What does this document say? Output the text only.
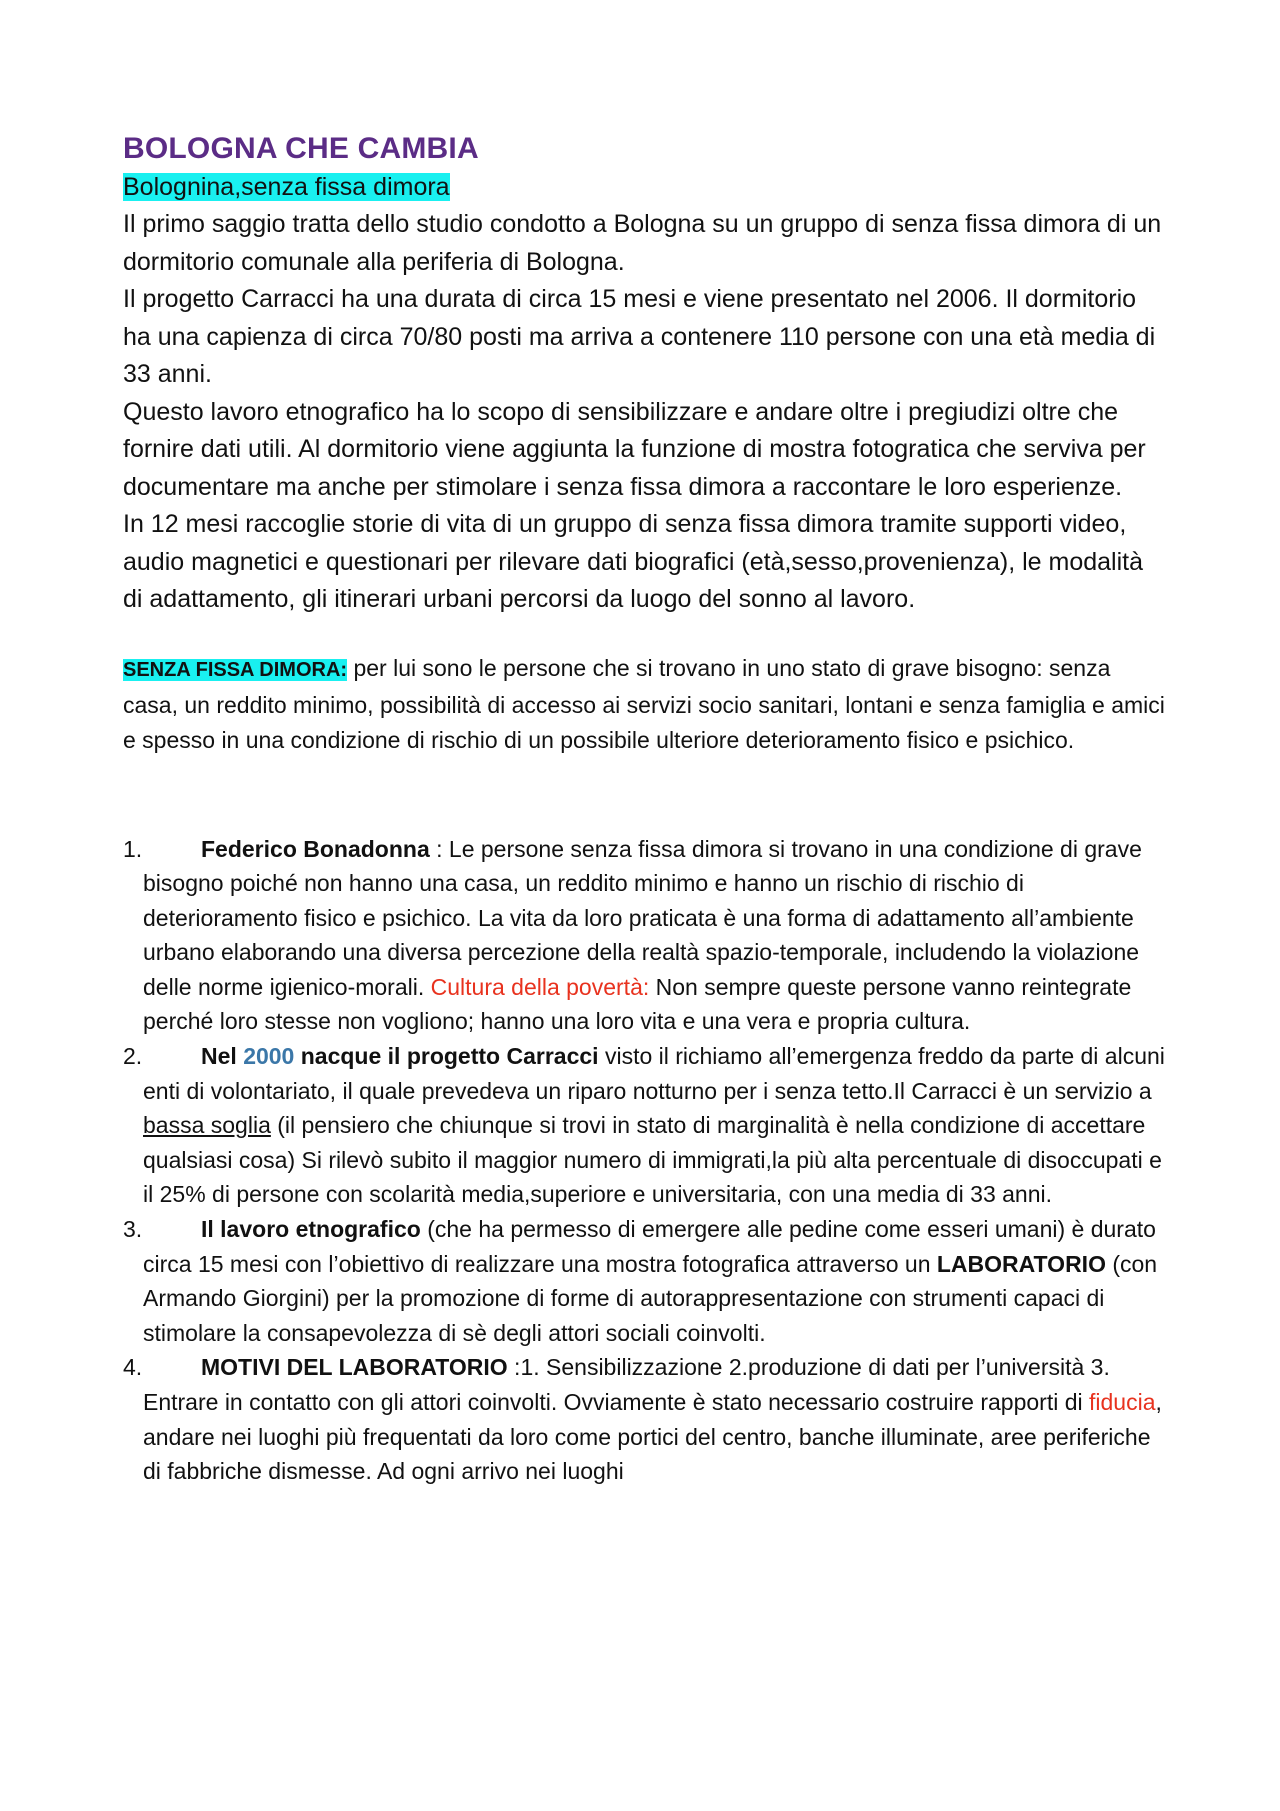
BOLOGNA CHE CAMBIA

Bolognina,senza fissa dimora

Il primo saggio tratta dello studio condotto a Bologna su un gruppo di senza fissa dimora di un dormitorio comunale alla periferia di Bologna.

Il progetto Carracci ha una durata di circa 15 mesi e viene presentato nel 2006. Il dormitorio ha una capienza di circa 70/80 posti ma arriva a contenere 110 persone con una età media di 33 anni.

Questo lavoro etnografico ha lo scopo di sensibilizzare e andare oltre i pregiudizi oltre che fornire dati utili. Al dormitorio viene aggiunta la funzione di mostra fotogratica che serviva per documentare ma anche per stimolare i senza fissa dimora a raccontare le loro esperienze.

In 12 mesi raccoglie storie di vita di un gruppo di senza fissa dimora tramite supporti video, audio magnetici e questionari per rilevare dati biografici (età,sesso,provenienza), le modalità di adattamento, gli itinerari urbani percorsi da luogo del sonno al lavoro.

SENZA FISSA DIMORA: per lui sono le persone che si trovano in uno stato di grave bisogno: senza casa, un reddito minimo, possibilità di accesso ai servizi socio sanitari, lontani e senza famiglia e amici e spesso in una condizione di rischio di un possibile ulteriore deterioramento fisico e psichico.

1.	Federico Bonadonna : Le persone senza fissa dimora si trovano in una condizione di grave bisogno poiché non hanno una casa, un reddito minimo e hanno un rischio di rischio di deterioramento fisico e psichico. La vita da loro praticata è una forma di adattamento all’ambiente urbano elaborando una diversa percezione della realtà spazio-temporale, includendo la violazione delle norme igienico-morali. Cultura della povertà: Non sempre queste persone vanno reintegrate perché loro stesse non vogliono; hanno una loro vita e una vera e propria cultura.
2.	Nel 2000 nacque il progetto Carracci visto il richiamo all’emergenza freddo da parte di alcuni enti di volontariato, il quale prevedeva un riparo notturno per i senza tetto.Il Carracci è un servizio a bassa soglia (il pensiero che chiunque si trovi in stato di marginalità è nella condizione di accettare qualsiasi cosa) Si rilevò subito il maggior numero di immigrati,la più alta percentuale di disoccupati e il 25% di persone con scolarità media,superiore e universitaria, con una media di 33 anni.
3.	Il lavoro etnografico (che ha permesso di emergere alle pedine come esseri umani) è durato circa 15 mesi con l’obiettivo di realizzare una mostra fotografica attraverso un LABORATORIO (con Armando Giorgini) per la promozione di forme di autorappresentazione con strumenti capaci di stimolare la consapevolezza di sè degli attori sociali coinvolti.
4.	MOTIVI DEL LABORATORIO :1. Sensibilizzazione 2.produzione di dati per l’università 3. Entrare in contatto con gli attori coinvolti. Ovviamente è stato necessario costruire rapporti di fiducia, andare nei luoghi più frequentati da loro come portici del centro, banche illuminate, aree periferiche di fabbriche dismesse. Ad ogni arrivo nei luoghi
